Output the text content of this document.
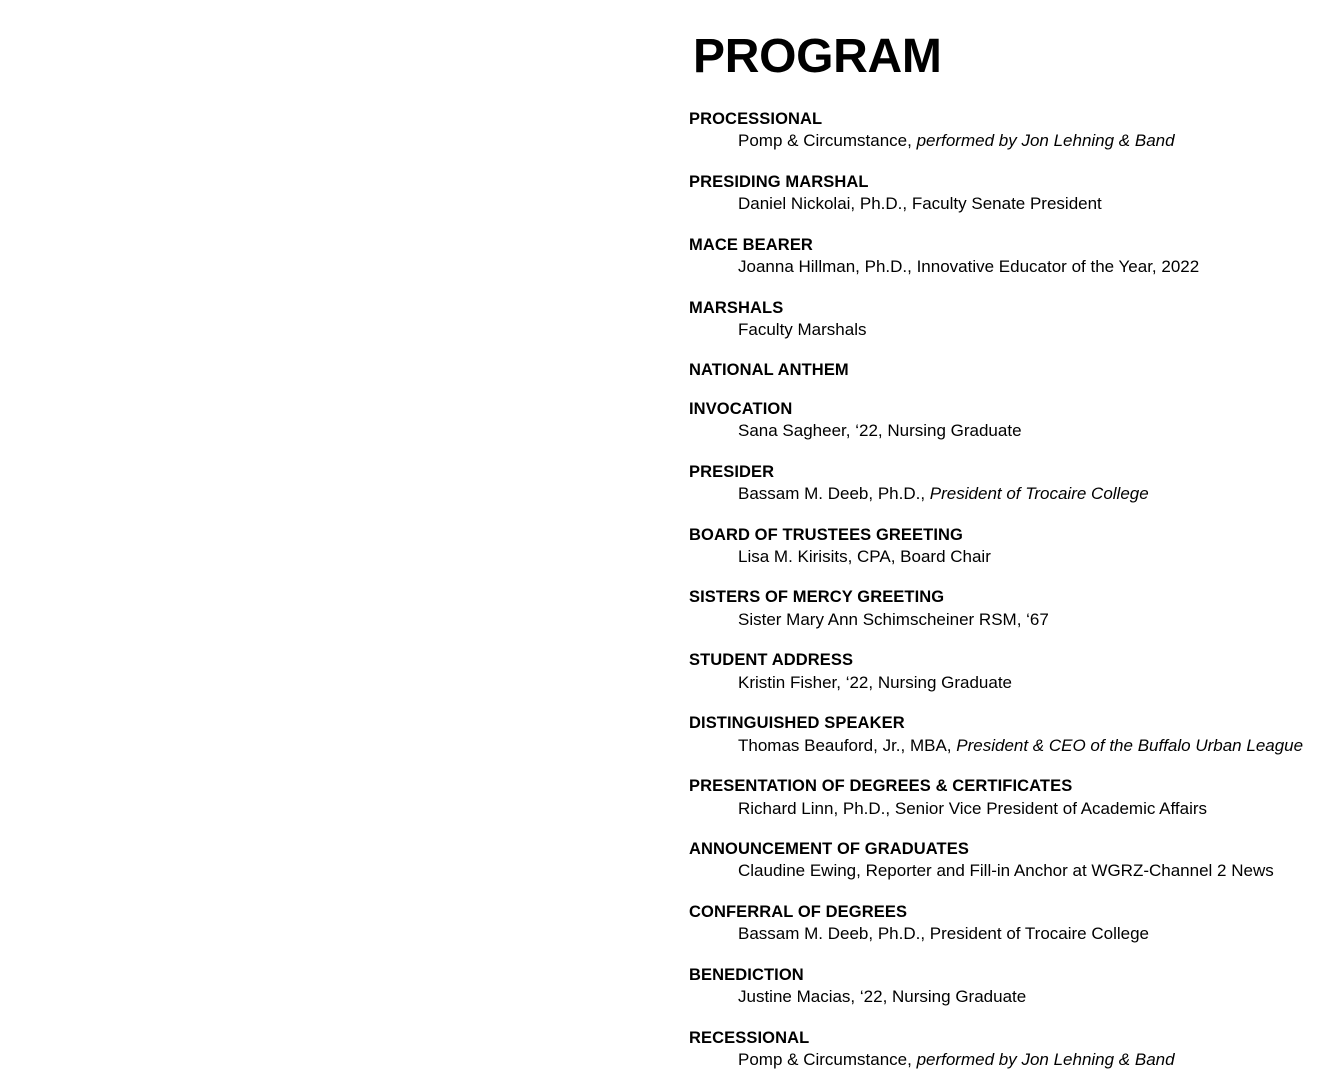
PROGRAM
PROCESSIONAL
Pomp & Circumstance, performed by Jon Lehning & Band
PRESIDING MARSHAL
Daniel Nickolai, Ph.D., Faculty Senate President
MACE BEARER
Joanna Hillman, Ph.D., Innovative Educator of the Year, 2022
MARSHALS
Faculty Marshals
NATIONAL ANTHEM
INVOCATION
Sana Sagheer, ‘22, Nursing Graduate
PRESIDER
Bassam M. Deeb, Ph.D., President of Trocaire College
BOARD OF TRUSTEES GREETING
Lisa M. Kirisits, CPA, Board Chair
SISTERS OF MERCY GREETING
Sister Mary Ann Schimscheiner RSM, ‘67
STUDENT ADDRESS
Kristin Fisher, ‘22, Nursing Graduate
DISTINGUISHED SPEAKER
Thomas Beauford, Jr., MBA, President & CEO of the Buffalo Urban League
PRESENTATION OF DEGREES & CERTIFICATES
Richard Linn, Ph.D., Senior Vice President of Academic Affairs
ANNOUNCEMENT OF GRADUATES
Claudine Ewing, Reporter and Fill-in Anchor at WGRZ-Channel 2 News
CONFERRAL OF DEGREES
Bassam M. Deeb, Ph.D., President of Trocaire College
BENEDICTION
Justine Macias, ‘22, Nursing Graduate
RECESSIONAL
Pomp & Circumstance, performed by Jon Lehning & Band
